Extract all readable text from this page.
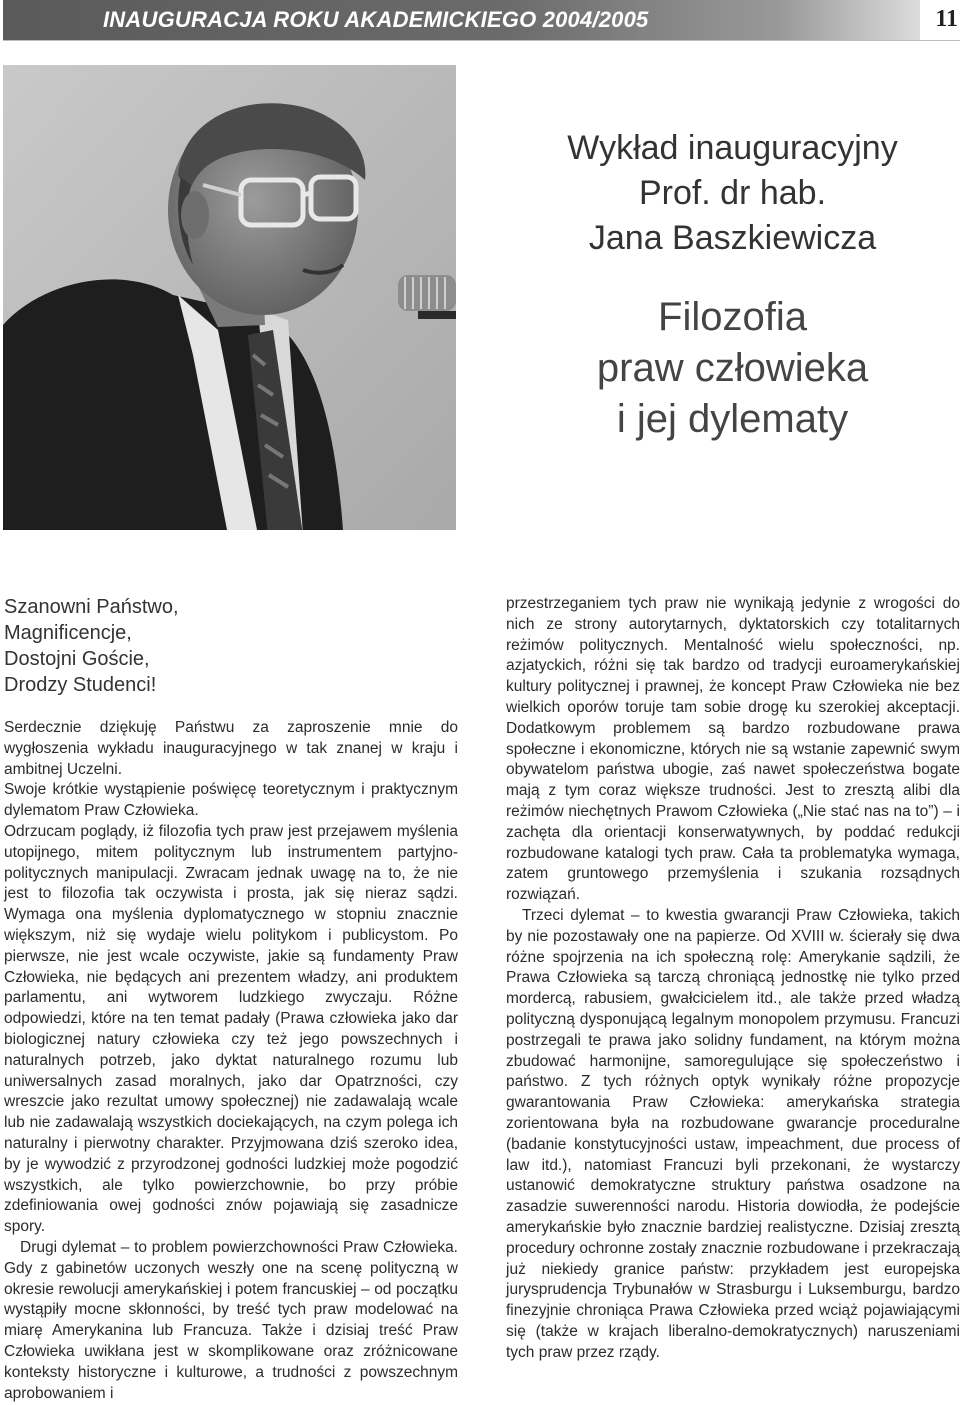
INAUGURACJA ROKU AKADEMICKIEGO 2004/2005	11
Wykład inauguracyjny
Prof. dr hab.
Jana Baszkiewicza
Filozofia
praw człowieka
i jej dylematy
Szanowni Państwo,
Magnificencje,
Dostojni Goście,
Drodzy Studenci!

Serdecznie dziękuję Państwu za zaproszenie mnie do wygłoszenia wykładu inauguracyjnego w tak znanej w kraju i ambitnej Uczelni.

Swoje krótkie wystąpienie poświęcę teoretycznym i praktycznym dylematom Praw Człowieka.

Odrzucam poglądy, iż filozofia tych praw jest przejawem myślenia utopijnego, mitem politycznym lub instrumentem partyjno-politycznych manipulacji. Zwracam jednak uwagę na to, że nie jest to filozofia tak oczywista i prosta, jak się nieraz sądzi. Wymaga ona myślenia dyplomatycznego w stopniu znacznie większym, niż się wydaje wielu politykom i publicystom. Po pierwsze, nie jest wcale oczywiste, jakie są fundamenty Praw Człowieka, nie będących ani prezentem władzy, ani produktem parlamentu, ani wytworem ludzkiego zwyczaju. Różne odpowiedzi, które na ten temat padały (Prawa człowieka jako dar biologicznej natury człowieka czy też jego powszechnych i naturalnych potrzeb, jako dyktat naturalnego rozumu lub uniwersalnych zasad moralnych, jako dar Opatrzności, czy wreszcie jako rezultat umowy społecznej) nie zadawalają wcale lub nie zadawalają wszystkich dociekających, na czym polega ich naturalny i pierwotny charakter. Przyjmowana dziś szeroko idea, by je wywodzić z przyrodzonej godności ludzkiej może pogodzić wszystkich, ale tylko powierzchownie, bo przy próbie zdefiniowania owej godności znów pojawiają się zasadnicze spory.

Drugi dylemat – to problem powierzchowności Praw Człowieka. Gdy z gabinetów uczonych weszły one na scenę polityczną w okresie rewolucji amerykańskiej i potem francuskiej – od początku wystąpiły mocne skłonności, by treść tych praw modelować na miarę Amerykanina lub Francuza. Także i dzisiaj treść Praw Człowieka uwikłana jest w skomplikowane oraz zróżnicowane konteksty historyczne i kulturowe, a trudności z powszechnym aprobowaniem i

przestrzeganiem tych praw nie wynikają jedynie z wrogości do nich ze strony autorytarnych, dyktatorskich czy totalitarnych reżimów politycznych. Mentalność wielu społeczności, np. azjatyckich, różni się tak bardzo od tradycji euroamerykańskiej kultury politycznej i prawnej, że koncept Praw Człowieka nie bez wielkich oporów toruje tam sobie drogę ku szerokiej akceptacji. Dodatkowym problemem są bardzo rozbudowane prawa społeczne i ekonomiczne, których nie są wstanie zapewnić swym obywatelom państwa ubogie, zaś nawet społeczeństwa bogate mają z tym coraz większe trudności. Jest to zresztą alibi dla reżimów niechętnych Prawom Człowieka („Nie stać nas na to”) – i zachęta dla orientacji konserwatywnych, by poddać redukcji rozbudowane katalogi tych praw. Cała ta problematyka wymaga, zatem gruntowego przemyślenia i szukania rozsądnych rozwiązań.

Trzeci dylemat – to kwestia gwarancji Praw Człowieka, takich by nie pozostawały one na papierze. Od XVIII w. ścierały się dwa różne spojrzenia na ich społeczną rolę: Amerykanie sądzili, że Prawa Człowieka są tarczą chroniącą jednostkę nie tylko przed mordercą, rabusiem, gwałcicielem itd., ale także przed władzą polityczną dysponującą legalnym monopolem przymusu. Francuzi postrzegali te prawa jako solidny fundament, na którym można zbudować harmonijne, samoregulujące się społeczeństwo i państwo. Z tych różnych optyk wynikały różne propozycje gwarantowania Praw Człowieka: amerykańska strategia zorientowana była na rozbudowane gwarancje proceduralne (badanie konstytucyjności ustaw, impeachment, due process of law itd.), natomiast Francuzi byli przekonani, że wystarczy ustanowić demokratyczne struktury państwa osadzone na zasadzie suwerenności narodu. Historia dowiodła, że podejście amerykańskie było znacznie bardziej realistyczne. Dzisiaj zresztą procedury ochronne zostały znacznie rozbudowane i przekraczają już niekiedy granice państw: przykładem jest europejska jurysprudencja Trybunałów w Strasburgu i Luksemburgu, bardzo finezyjnie chroniąca Prawa Człowieka przed wciąż pojawiającymi się (także w krajach liberalno-demokratycznych) naruszeniami tych praw przez rządy.
